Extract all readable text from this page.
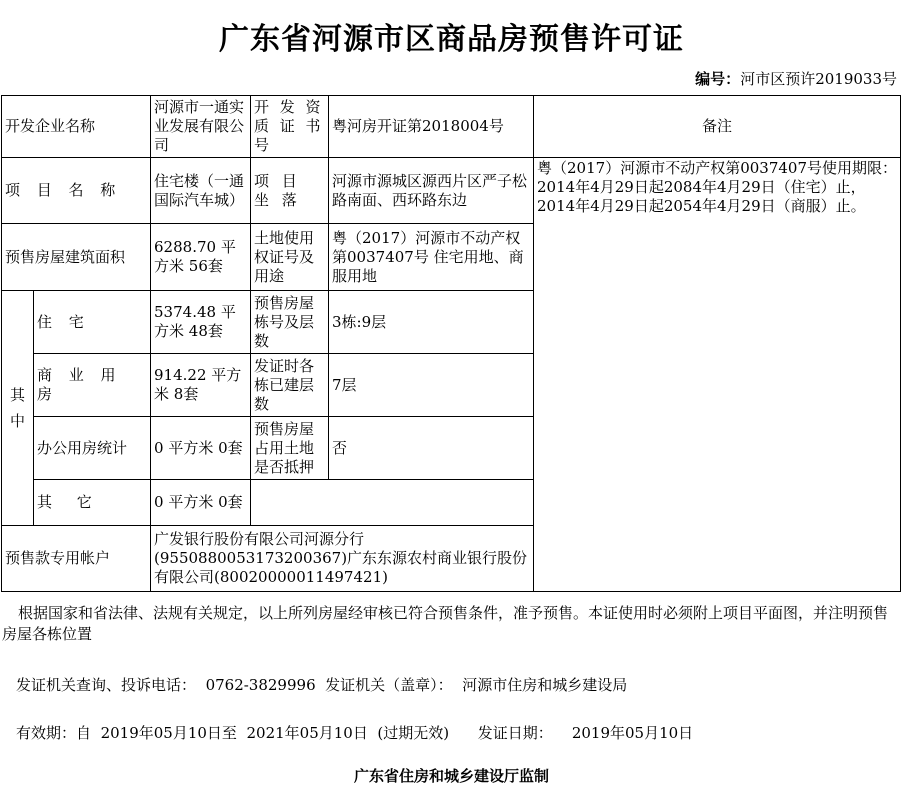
广东省河源市区商品房预售许可证
编号：河市区预许2019033号
开发企业名称		河源市一通实业发展有限公司	开 发 资 质 证 书 号	粤河房开证第2018004号	备注	
项 目 名 称		住宅楼（一通国际汽车城）	项 目 坐 落	河源市源城区源西片区严子松路南面、西环路东边	粤（2017）河源市不动产权第0037407号使用期限：2014年4月29日起2084年4月29日（住宅）止，2014年4月29日起2054年4月29日（商服）止。	
预售房屋建筑面积		6288.70 平方米 56套	土地使用权证号及用途	粤（2017）河源市不动产权第0037407号 住宅用地、商服用地		
其 中	住 宅	5374.48 平方米 48套	预售房屋栋号及层数	3栋:9层		
	商 业 用 房	914.22 平方米 8套	发证时各栋已建层数	7层		
	办公用房统计	0 平方米 0套	预售房屋占用土地是否抵押	否		
	其 它	0 平方米 0套				
预售款专用帐户		广发银行股份有限公司河源分行(9550880053173200367)广东东源农村商业银行股份有限公司(80020000011497421)				
根据国家和省法律、法规有关规定，以上所列房屋经审核已符合预售条件，准予预售。本证使用时必须附上项目平面图，并注明预售房屋各栋位置
发证机关查询、投诉电话： 0762-3829996 发证机关（盖章）： 河源市住房和城乡建设局
有效期：自 2019年05月10日至 2021年05月10日 (过期无效) 发证日期： 2019年05月10日
广东省住房和城乡建设厅监制
